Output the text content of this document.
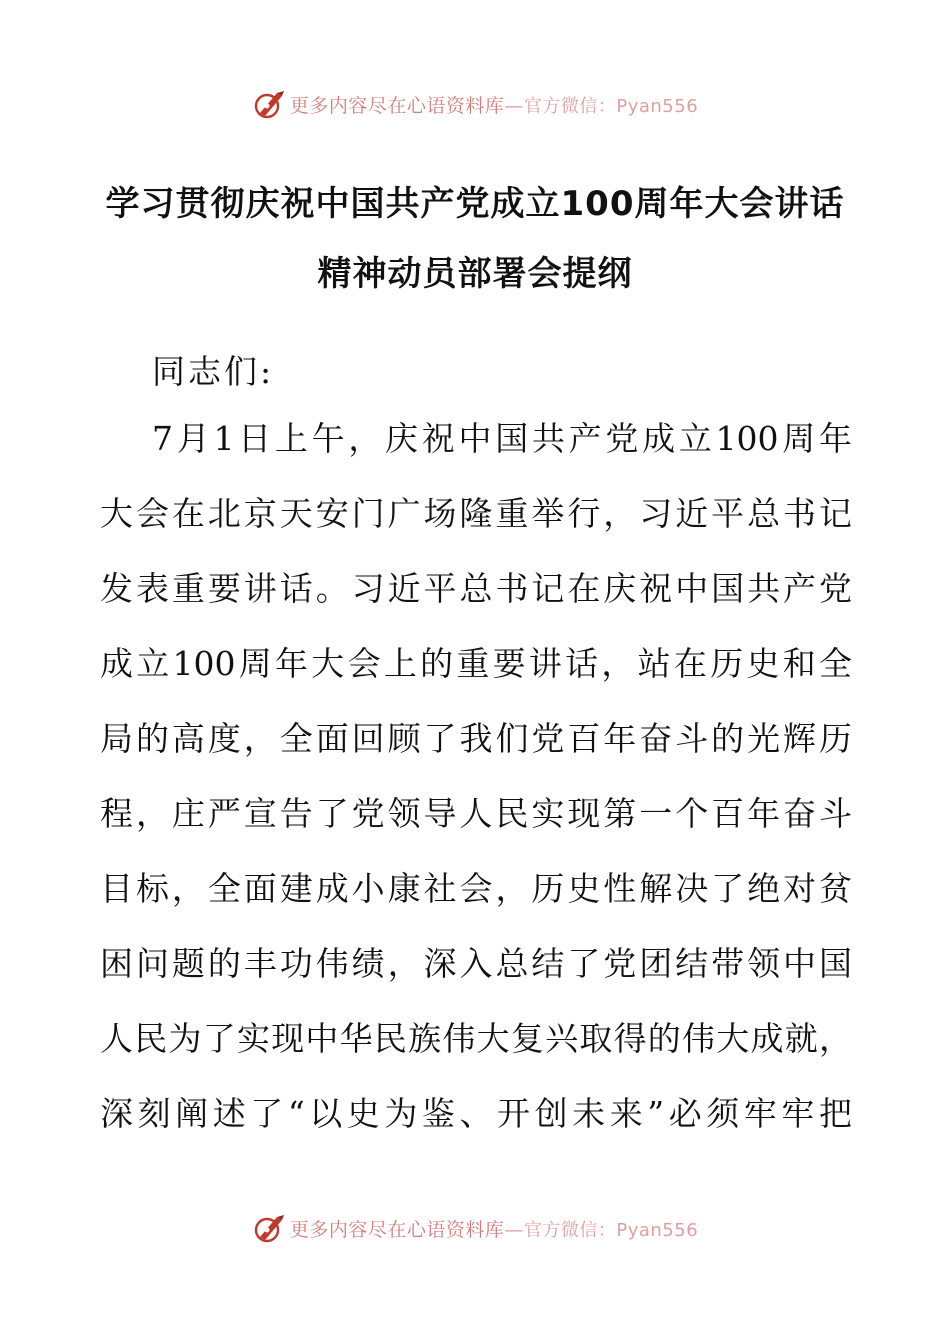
更多内容尽在心语资料库—官方微信：Pyan556
学习贯彻庆祝中国共产党成立100周年大会讲话
精神动员部署会提纲
同志们:
7月1日上午，庆祝中国共产党成立100周年
大会在北京天安门广场隆重举行，习近平总书记
发表重要讲话。习近平总书记在庆祝中国共产党
成立100周年大会上的重要讲话，站在历史和全
局的高度，全面回顾了我们党百年奋斗的光辉历
程，庄严宣告了党领导人民实现第一个百年奋斗
目标，全面建成小康社会，历史性解决了绝对贫
困问题的丰功伟绩，深入总结了党团结带领中国
人民为了实现中华民族伟大复兴取得的伟大成就，
深刻阐述了“以史为鉴、开创未来”必须牢牢把
更多内容尽在心语资料库—官方微信：Pyan556
